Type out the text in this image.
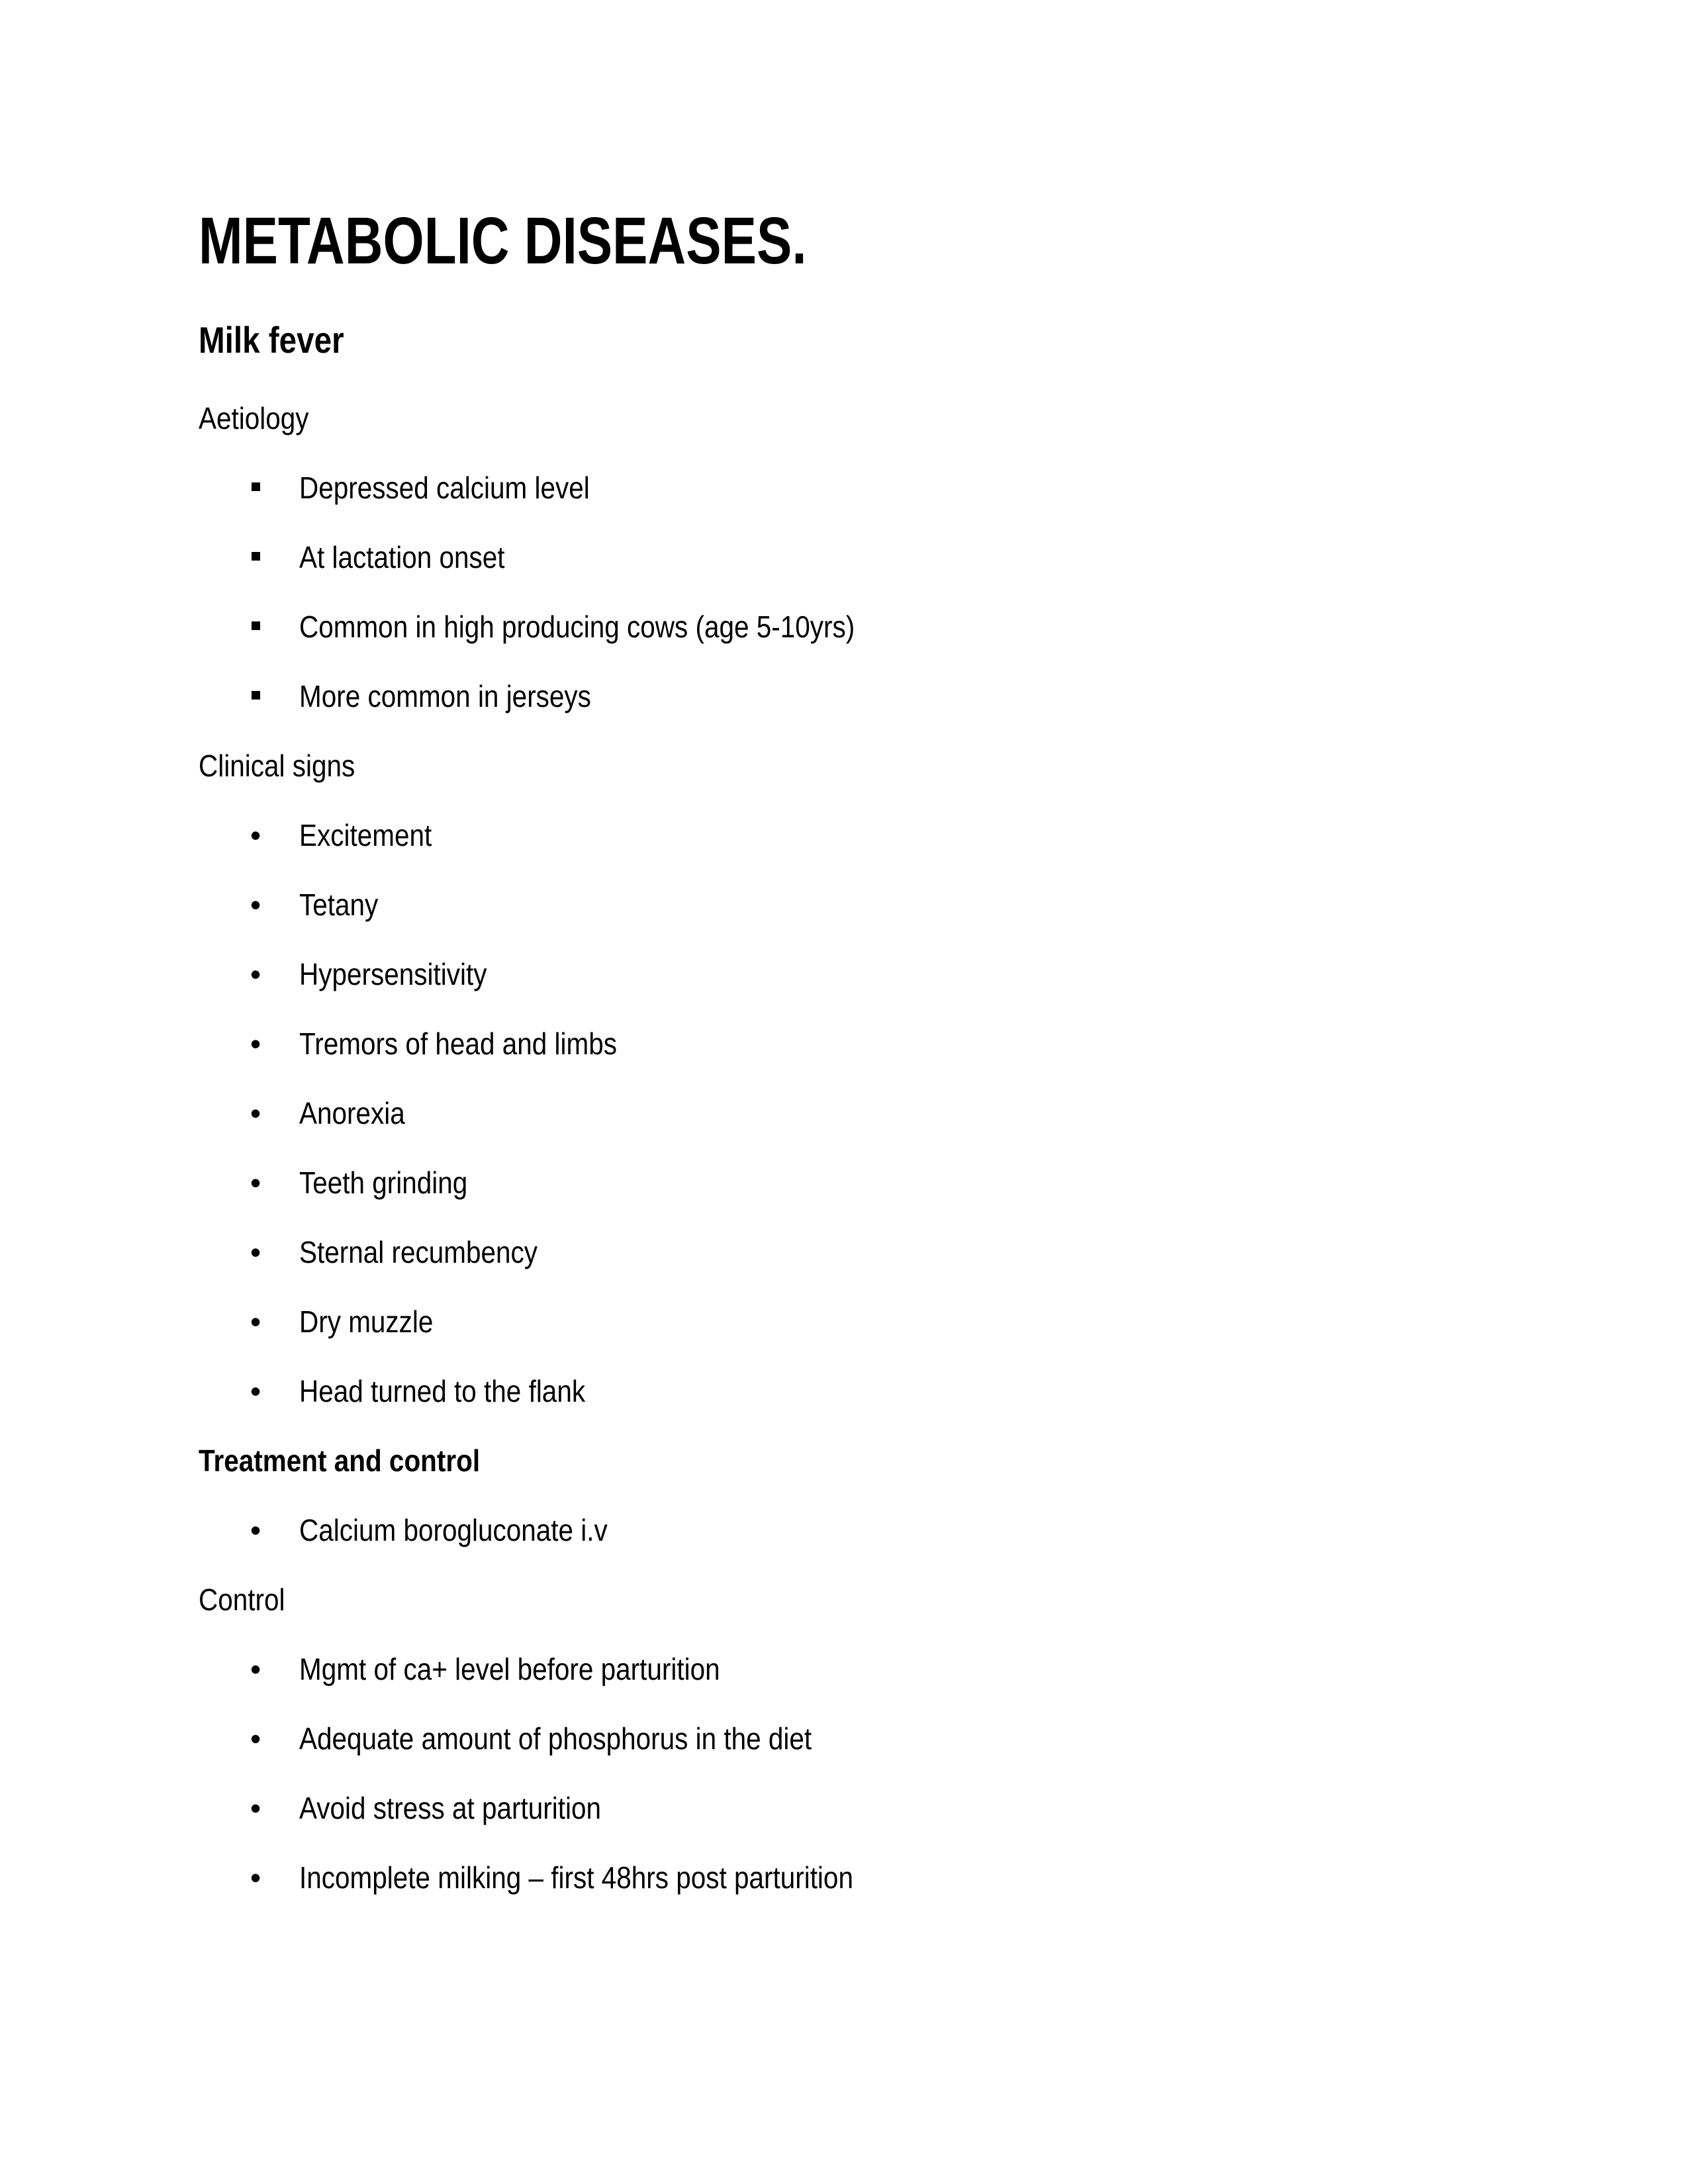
METABOLIC DISEASES.
Milk fever
Aetiology
Depressed calcium level
At lactation onset
Common in high producing cows (age 5-10yrs)
More common in jerseys
Clinical signs
• Excitement
• Tetany
• Hypersensitivity
• Tremors of head and limbs
• Anorexia
• Teeth grinding
• Sternal recumbency
• Dry muzzle
• Head turned to the flank
Treatment and control
• Calcium borogluconate i.v
Control
• Mgmt of ca+ level before parturition
• Adequate amount of phosphorus in the diet
• Avoid stress at parturition
• Incomplete milking – first 48hrs post parturition
